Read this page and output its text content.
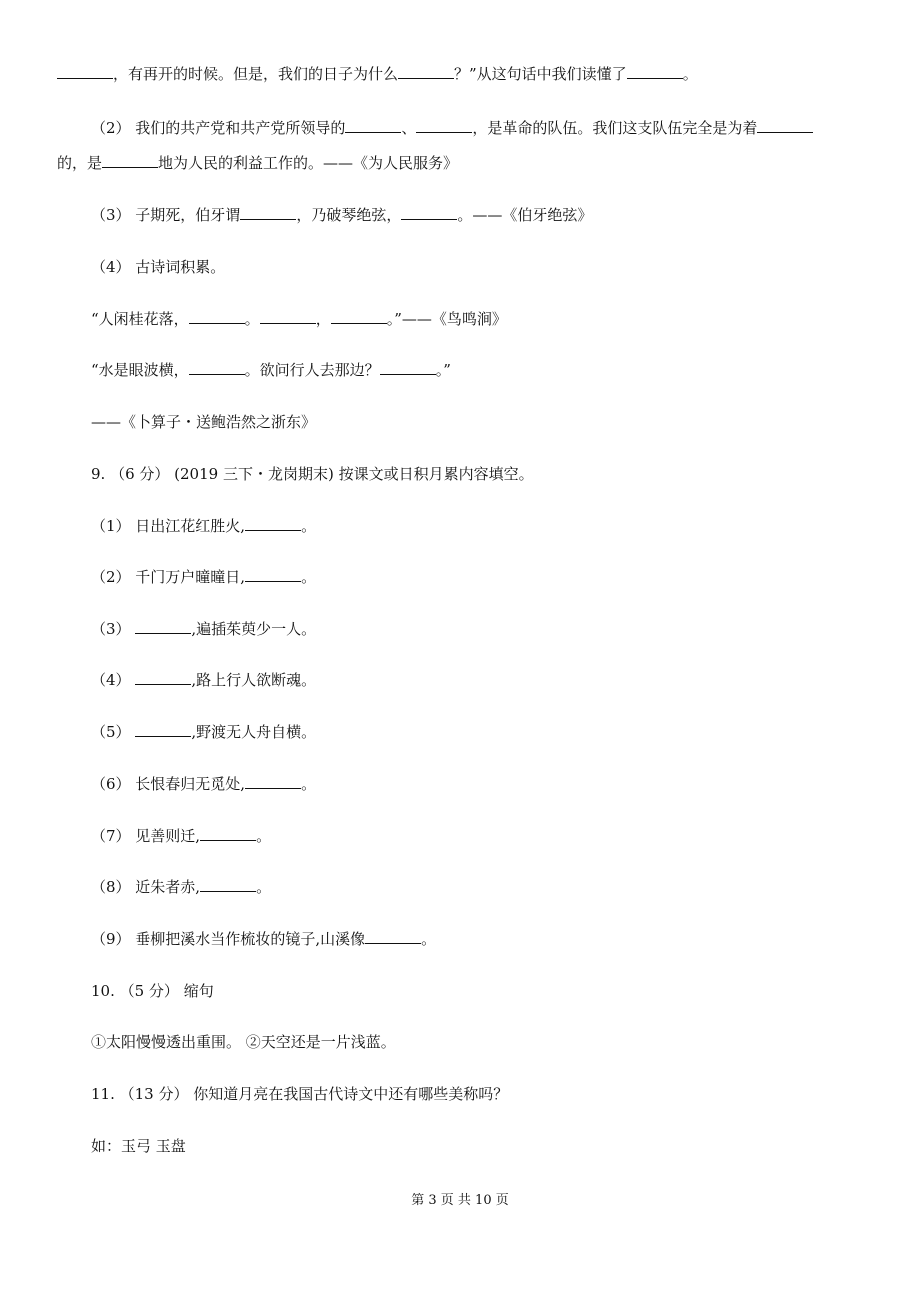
，有再开的时候。但是，我们的日子为什么	？”从这句话中我们读懂了	。
（2） 我们的共产党和共产党所领导的	、	，是革命的队伍。我们这支队伍完全是为着
的，是	地为人民的利益工作的。——《为人民服务》
（3） 子期死，伯牙谓	，乃破琴绝弦，	。——《伯牙绝弦》
（4） 古诗词积累。
“人闲桂花落，	。	，	。”——《鸟鸣涧》
“水是眼波横，	。欲问行人去那边？	。”
——《卜算子・送鲍浩然之浙东》
9. （6 分） (2019 三下・龙岗期末) 按课文或日积月累内容填空。
（1） 日出江花红胜火,	。
（2） 千门万户曈曈日,	。
（3）	,遍插茱萸少一人。
（4）	,路上行人欲断魂。
（5）	,野渡无人舟自横。
（6） 长恨春归无觅处,	。
（7） 见善则迁,	。
（8） 近朱者赤,	。
（9） 垂柳把溪水当作梳妆的镜子,山溪像	。
10. （5 分） 缩句
①太阳慢慢透出重围。 ②天空还是一片浅蓝。
11. （13 分） 你知道月亮在我国古代诗文中还有哪些美称吗？
如：玉弓 玉盘
第 3 页 共 10 页
